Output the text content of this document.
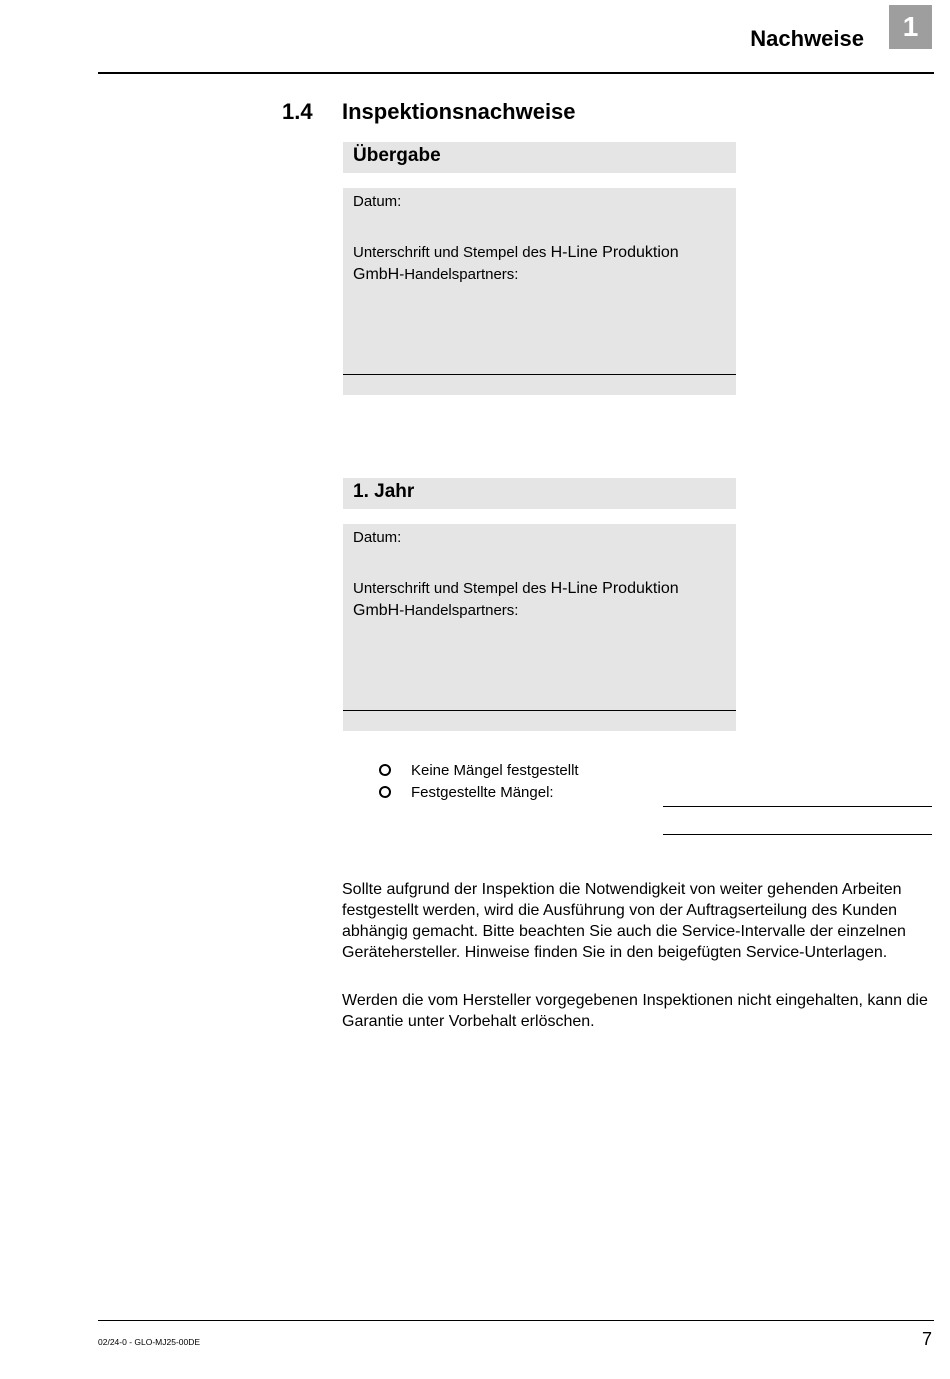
Nachweise	1
1.4 Inspektionsnachweise
Übergabe
Datum:
Unterschrift und Stempel des H-Line Produktion GmbH-Handelspartners:
1. Jahr
Datum:
Unterschrift und Stempel des H-Line Produktion GmbH-Handelspartners:
Keine Mängel festgestellt
Festgestellte Mängel:
Sollte aufgrund der Inspektion die Notwendigkeit von weiter gehenden Arbeiten festgestellt werden, wird die Ausführung von der Auftragserteilung des Kunden abhängig gemacht. Bitte beachten Sie auch die Service-Intervalle der einzelnen Gerätehersteller. Hinweise finden Sie in den beigefügten Service-Unterlagen.
Werden die vom Hersteller vorgegebenen Inspektionen nicht eingehalten, kann die Garantie unter Vorbehalt erlöschen.
02/24-0 - GLO-MJ25-00DE	7
